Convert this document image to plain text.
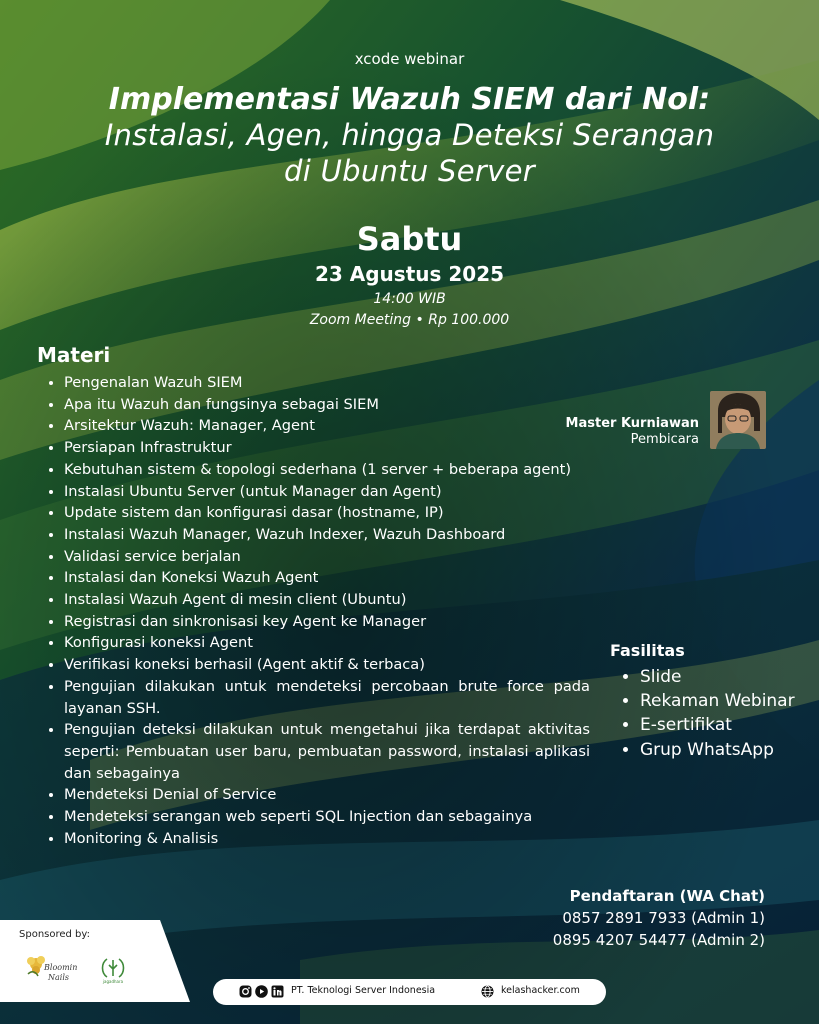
xcode webinar
Implementasi Wazuh SIEM dari Nol:
Instalasi, Agen, hingga Deteksi Serangan
di Ubuntu Server
Sabtu
23 Agustus 2025
14:00 WIB
Zoom Meeting • Rp 100.000
Materi
• Pengenalan Wazuh SIEM
• Apa itu Wazuh dan fungsinya sebagai SIEM
• Arsitektur Wazuh: Manager, Agent
• Persiapan Infrastruktur
• Kebutuhan sistem & topologi sederhana (1 server + beberapa agent)
• Instalasi Ubuntu Server (untuk Manager dan Agent)
• Update sistem dan konfigurasi dasar (hostname, IP)
• Instalasi Wazuh Manager, Wazuh Indexer, Wazuh Dashboard
• Validasi service berjalan
• Instalasi dan Koneksi Wazuh Agent
• Instalasi Wazuh Agent di mesin client (Ubuntu)
• Registrasi dan sinkronisasi key Agent ke Manager
• Konfigurasi koneksi Agent
• Verifikasi koneksi berhasil (Agent aktif & terbaca)
• Pengujian dilakukan untuk mendeteksi percobaan brute force pada layanan SSH.
• Pengujian deteksi dilakukan untuk mengetahui jika terdapat aktivitas seperti: Pembuatan user baru, pembuatan password, instalasi aplikasi dan sebagainya
• Mendeteksi Denial of Service
• Mendeteksi serangan web seperti SQL Injection dan sebagainya
• Monitoring & Analisis
Master Kurniawan
Pembicara
Fasilitas
• Slide
• Rekaman Webinar
• E-sertifikat
• Grup WhatsApp
Pendaftaran (WA Chat)
0857 2891 7933 (Admin 1)
0895 4207 54477 (Admin 2)
Sponsored by:
Bloomin
Nails	jagadhara
PT. Teknologi Server Indonesia	kelashacker.com
